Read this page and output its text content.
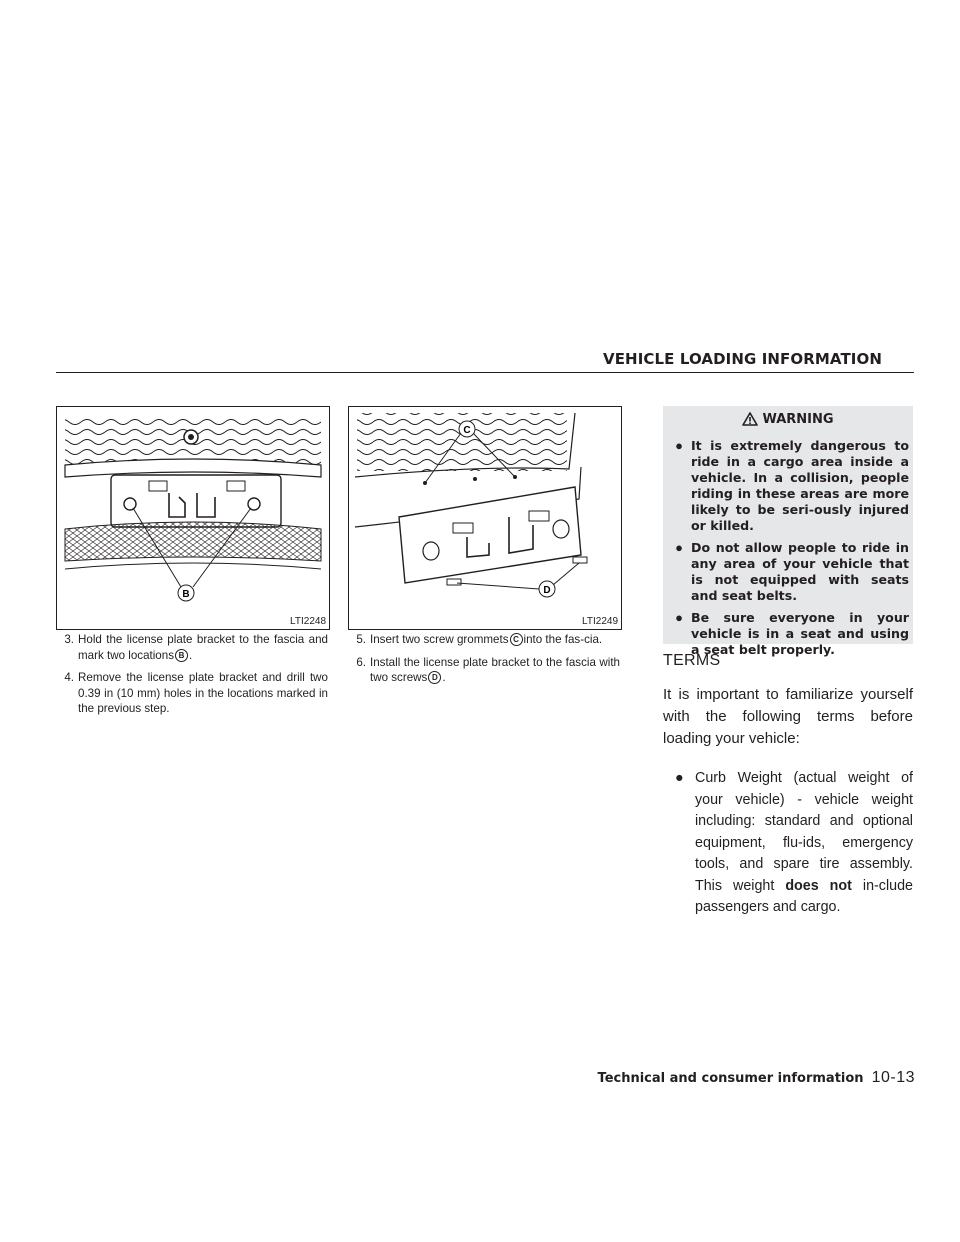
VEHICLE LOADING INFORMATION
B
LTI2248
C
D
LTI2249
3. Hold the license plate bracket to the fascia and mark two locations B .
4. Remove the license plate bracket and drill two 0.39 in (10 mm) holes in the locations marked in the previous step.
5. Insert two screw grommets C into the fas-cia.
6. Install the license plate bracket to the fascia with two screws D .
WARNING
● It is extremely dangerous to ride in a cargo area inside a vehicle. In a collision, people riding in these areas are more likely to be seri-ously injured or killed.
● Do not allow people to ride in any area of your vehicle that is not equipped with seats and seat belts.
● Be sure everyone in your vehicle is in a seat and using a seat belt properly.
TERMS
It is important to familiarize yourself with the following terms before loading your vehicle:
● Curb Weight (actual weight of your vehicle) - vehicle weight including: standard and optional equipment, flu-ids, emergency tools, and spare tire assembly. This weight does not in-clude passengers and cargo.
Technical and consumer information 10-13
